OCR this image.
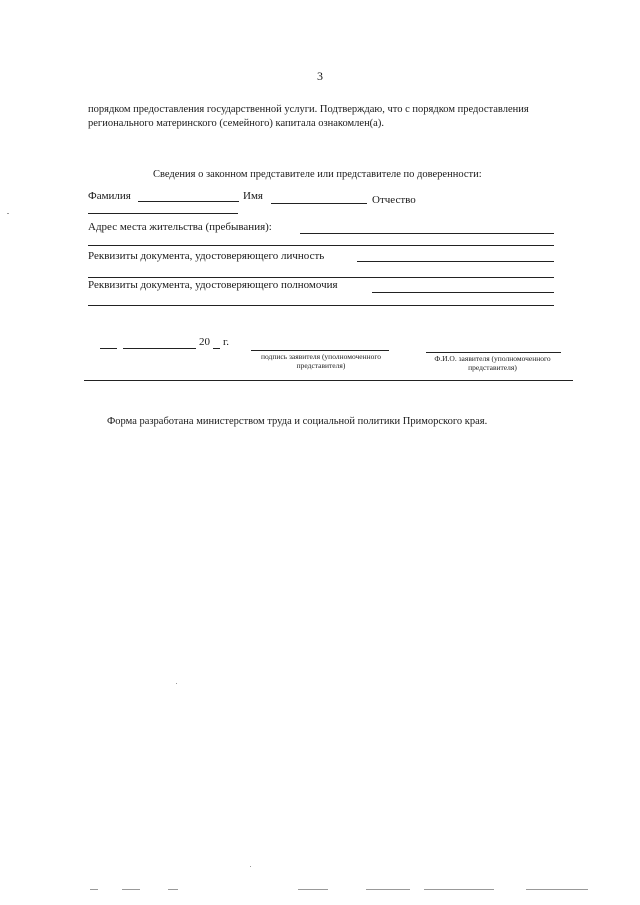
3
порядком предоставления государственной услуги. Подтверждаю, что с порядком предоставления
регионального материнского (семейного) капитала ознакомлен(а).
Сведения о законном представителе или представителе по доверенности:
Фамилия	Имя	Отчество
Адрес места жительства (пребывания):
Реквизиты документа, удостоверяющего личность
Реквизиты документа, удостоверяющего полномочия
20 г.
подпись заявителя (уполномоченного
представителя)
Ф.И.О. заявителя (уполномоченного
представителя)
Форма разработана министерством труда и социальной политики Приморского края.
